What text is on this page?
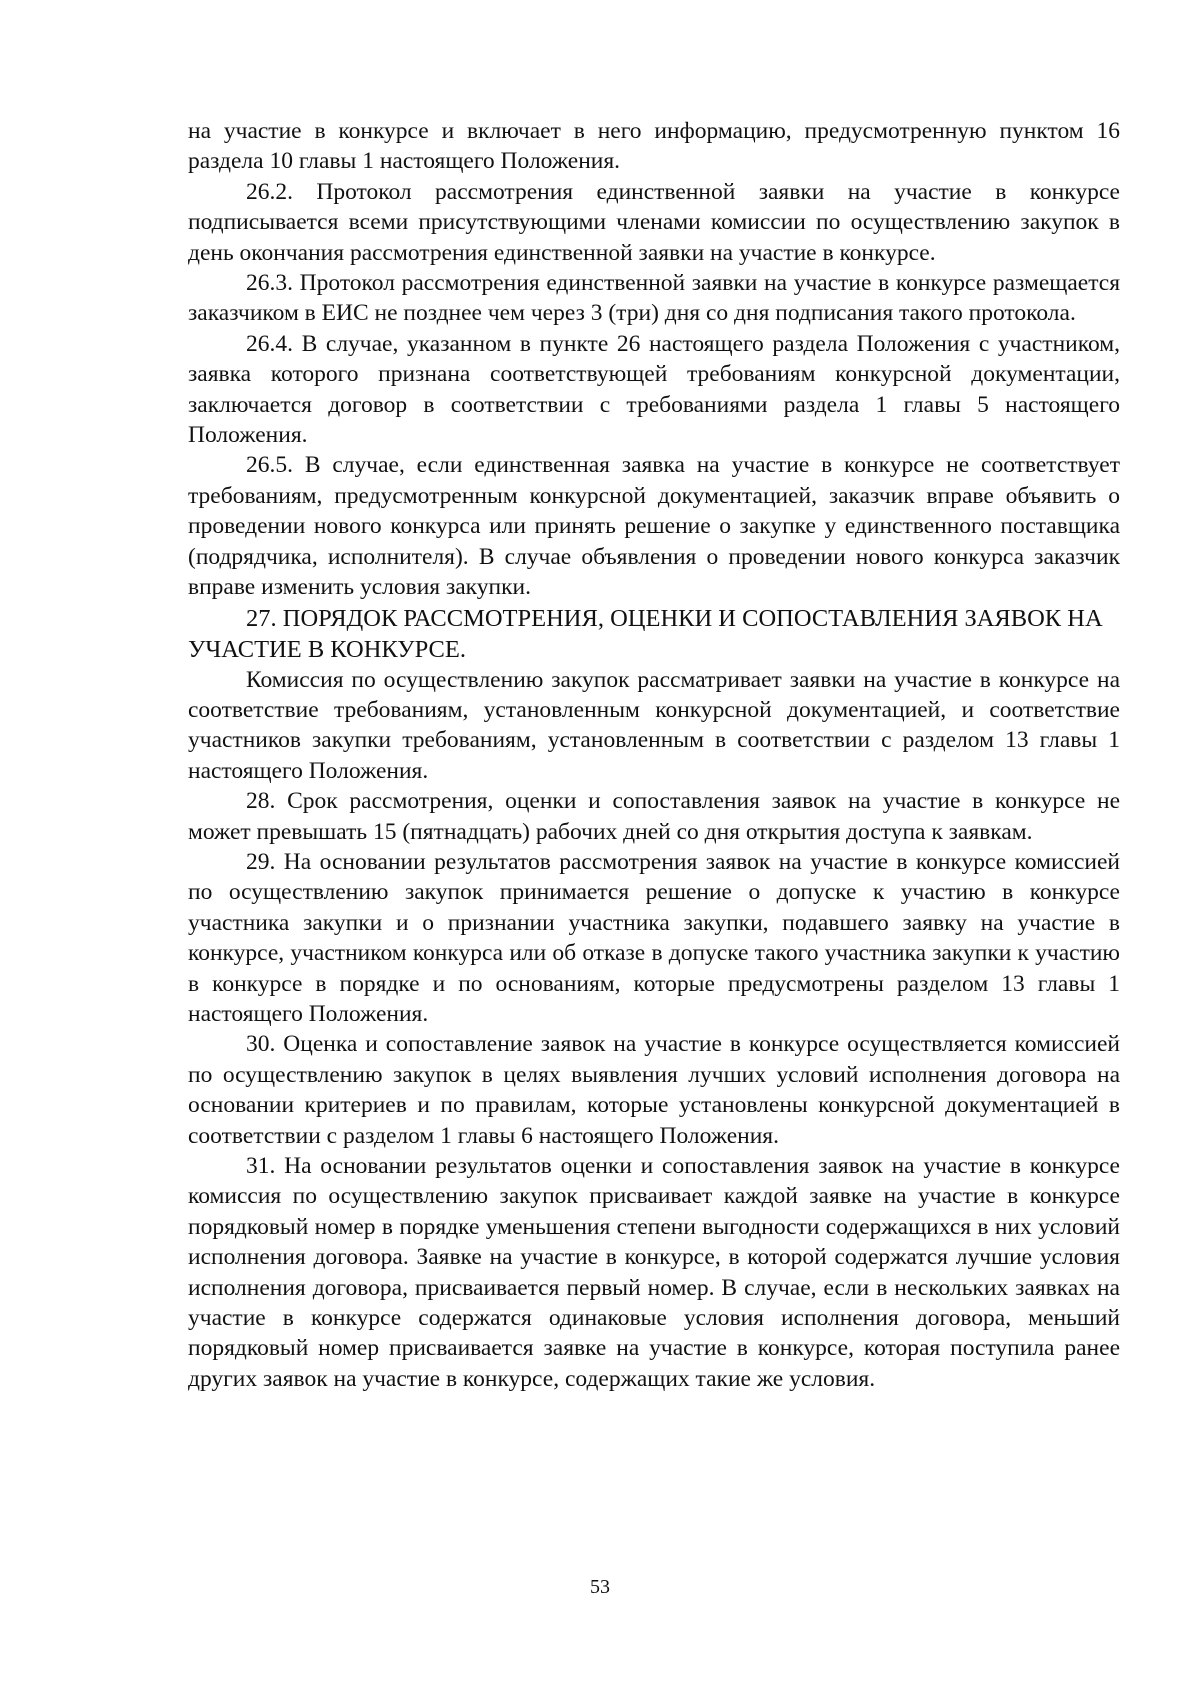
на участие в конкурсе и включает в него информацию, предусмотренную пунктом 16 раздела 10 главы 1 настоящего Положения.

26.2. Протокол рассмотрения единственной заявки на участие в конкурсе подписывается всеми присутствующими членами комиссии по осуществлению закупок в день окончания рассмотрения единственной заявки на участие в конкурсе.

26.3. Протокол рассмотрения единственной заявки на участие в конкурсе размещается заказчиком в ЕИС не позднее чем через 3 (три) дня со дня подписания такого протокола.

26.4. В случае, указанном в пункте 26 настоящего раздела Положения с участником, заявка которого признана соответствующей требованиям конкурсной документации, заключается договор в соответствии с требованиями раздела 1 главы 5 настоящего Положения.

26.5. В случае, если единственная заявка на участие в конкурсе не соответствует требованиям, предусмотренным конкурсной документацией, заказчик вправе объявить о проведении нового конкурса или принять решение о закупке у единственного поставщика (подрядчика, исполнителя). В случае объявления о проведении нового конкурса заказчик вправе изменить условия закупки.

27. ПОРЯДОК РАССМОТРЕНИЯ, ОЦЕНКИ И СОПОСТАВЛЕНИЯ ЗАЯВОК НА УЧАСТИЕ В КОНКУРСЕ.

Комиссия по осуществлению закупок рассматривает заявки на участие в конкурсе на соответствие требованиям, установленным конкурсной документацией, и соответствие участников закупки требованиям, установленным в соответствии с разделом 13 главы 1 настоящего Положения.

28. Срок рассмотрения, оценки и сопоставления заявок на участие в конкурсе не может превышать 15 (пятнадцать) рабочих дней со дня открытия доступа к заявкам.

29. На основании результатов рассмотрения заявок на участие в конкурсе комиссией по осуществлению закупок принимается решение о допуске к участию в конкурсе участника закупки и о признании участника закупки, подавшего заявку на участие в конкурсе, участником конкурса или об отказе в допуске такого участника закупки к участию в конкурсе в порядке и по основаниям, которые предусмотрены разделом 13 главы 1 настоящего Положения.

30. Оценка и сопоставление заявок на участие в конкурсе осуществляется комиссией по осуществлению закупок в целях выявления лучших условий исполнения договора на основании критериев и по правилам, которые установлены конкурсной документацией в соответствии с разделом 1 главы 6 настоящего Положения.

31. На основании результатов оценки и сопоставления заявок на участие в конкурсе комиссия по осуществлению закупок присваивает каждой заявке на участие в конкурсе порядковый номер в порядке уменьшения степени выгодности содержащихся в них условий исполнения договора. Заявке на участие в конкурсе, в которой содержатся лучшие условия исполнения договора, присваивается первый номер. В случае, если в нескольких заявках на участие в конкурсе содержатся одинаковые условия исполнения договора, меньший порядковый номер присваивается заявке на участие в конкурсе, которая поступила ранее других заявок на участие в конкурсе, содержащих такие же условия.

53
